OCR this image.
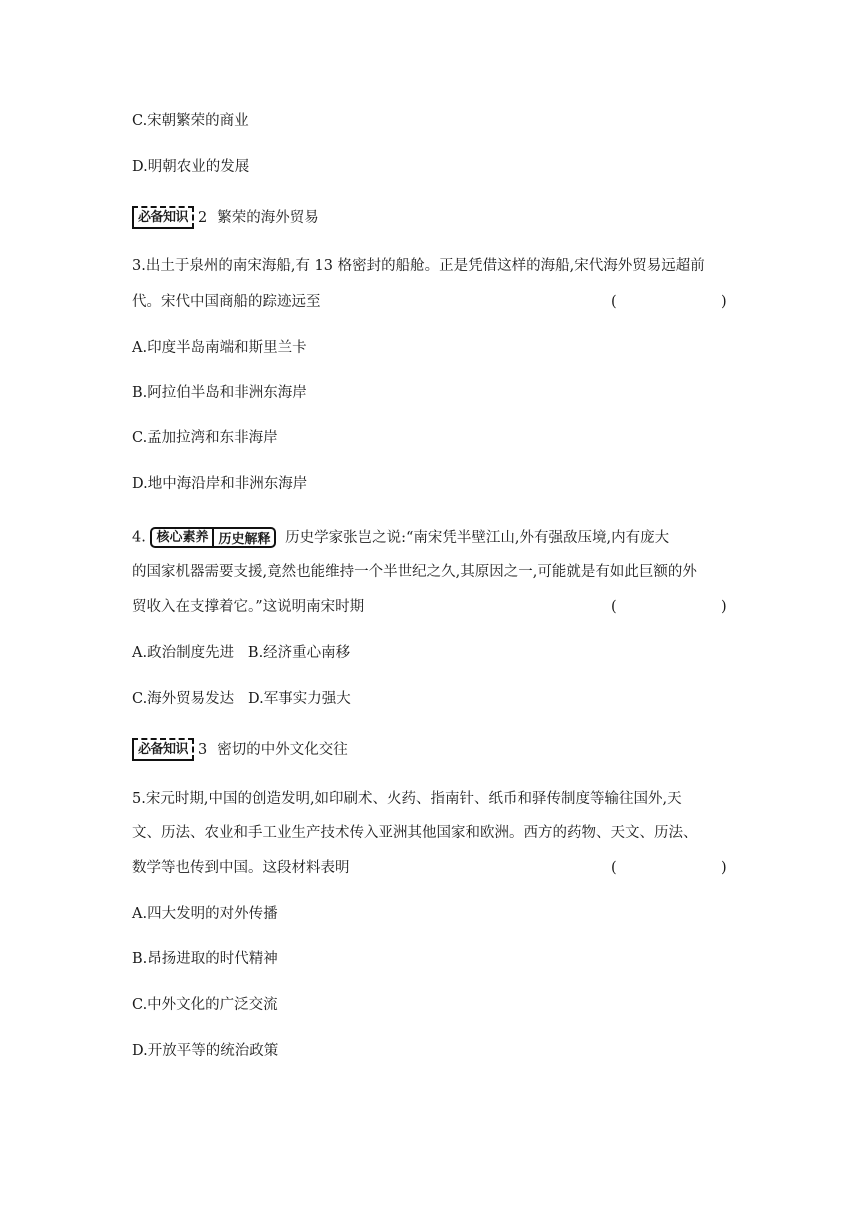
C.宋朝繁荣的商业
D.明朝农业的发展
必备知识 2 繁荣的海外贸易
3.出土于泉州的南宋海船,有 13 格密封的船舱。正是凭借这样的海船,宋代海外贸易远超前
代。宋代中国商船的踪迹远至	(	)
A.印度半岛南端和斯里兰卡
B.阿拉伯半岛和非洲东海岸
C.孟加拉湾和东非海岸
D.地中海沿岸和非洲东海岸
4. 核心素养 历史解释 历史学家张岂之说:“南宋凭半壁江山,外有强敌压境,内有庞大
的国家机器需要支援,竟然也能维持一个半世纪之久,其原因之一,可能就是有如此巨额的外
贸收入在支撑着它。”这说明南宋时期	(	)
A.政治制度先进   B.经济重心南移
C.海外贸易发达   D.军事实力强大
必备知识 3 密切的中外文化交往
5.宋元时期,中国的创造发明,如印刷术、火药、指南针、纸币和驿传制度等输往国外,天
文、历法、农业和手工业生产技术传入亚洲其他国家和欧洲。西方的药物、天文、历法、
数学等也传到中国。这段材料表明	(	)
A.四大发明的对外传播
B.昂扬进取的时代精神
C.中外文化的广泛交流
D.开放平等的统治政策
